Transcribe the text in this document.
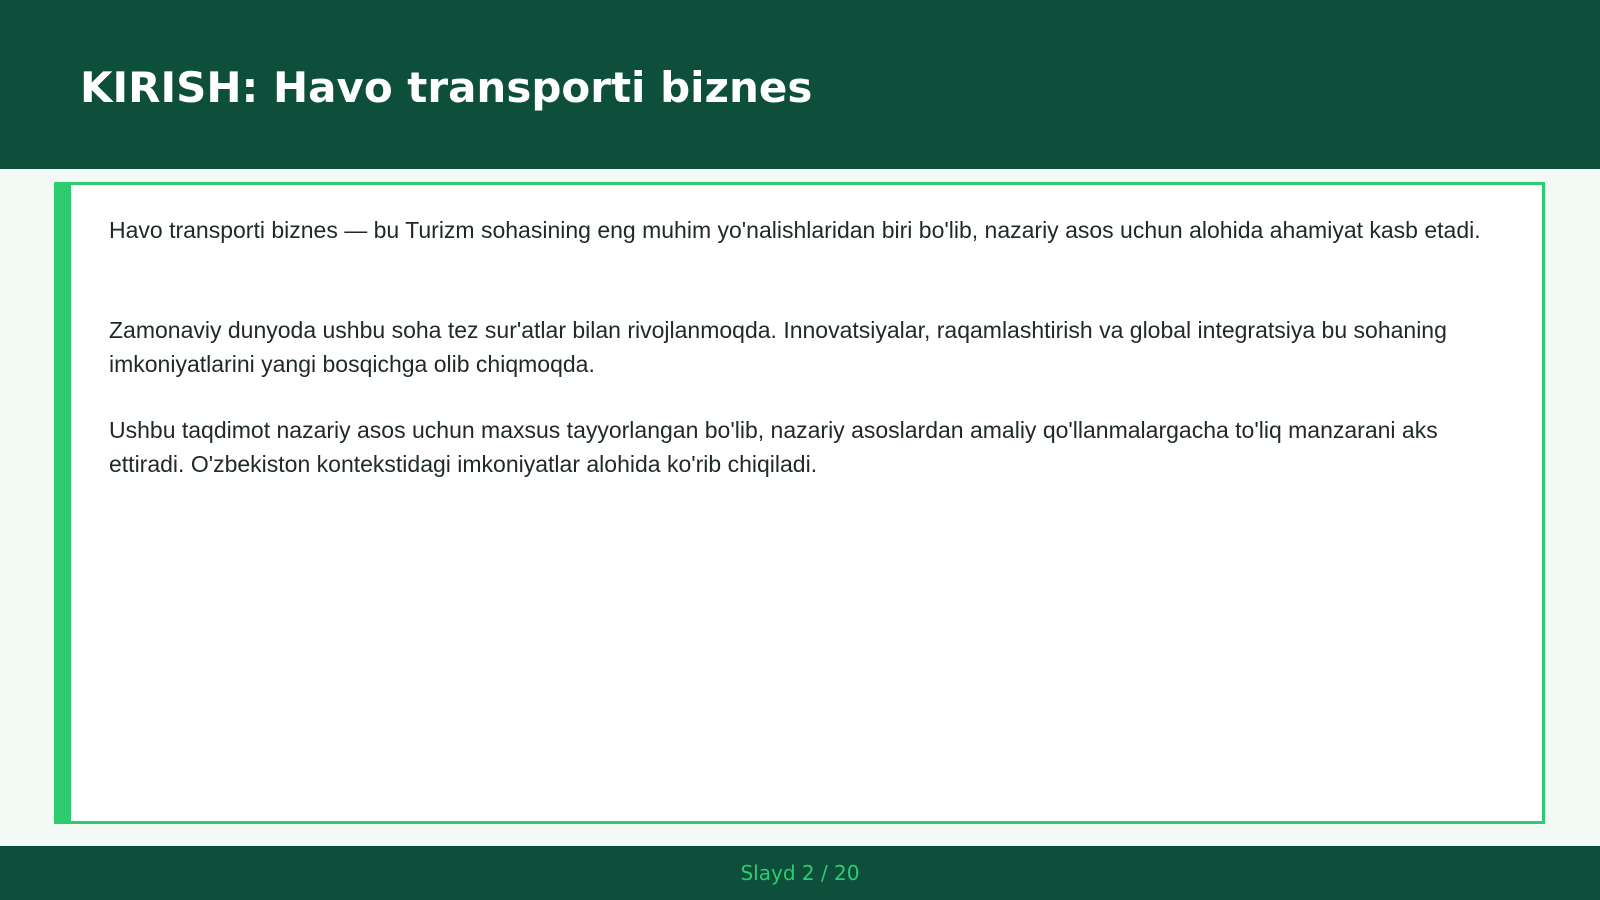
KIRISH: Havo transporti biznes

Havo transporti biznes — bu Turizm sohasining eng muhim yo'nalishlaridan biri bo'lib, nazariy asos uchun alohida ahamiyat kasb etadi.

Zamonaviy dunyoda ushbu soha tez sur'atlar bilan rivojlanmoqda. Innovatsiyalar, raqamlashtirish va global integratsiya bu sohaning imkoniyatlarini yangi bosqichga olib chiqmoqda.

Ushbu taqdimot nazariy asos uchun maxsus tayyorlangan bo'lib, nazariy asoslardan amaliy qo'llanmalargacha to'liq manzarani aks ettiradi. O'zbekiston kontekstidagi imkoniyatlar alohida ko'rib chiqiladi.

Slayd 2 / 20
